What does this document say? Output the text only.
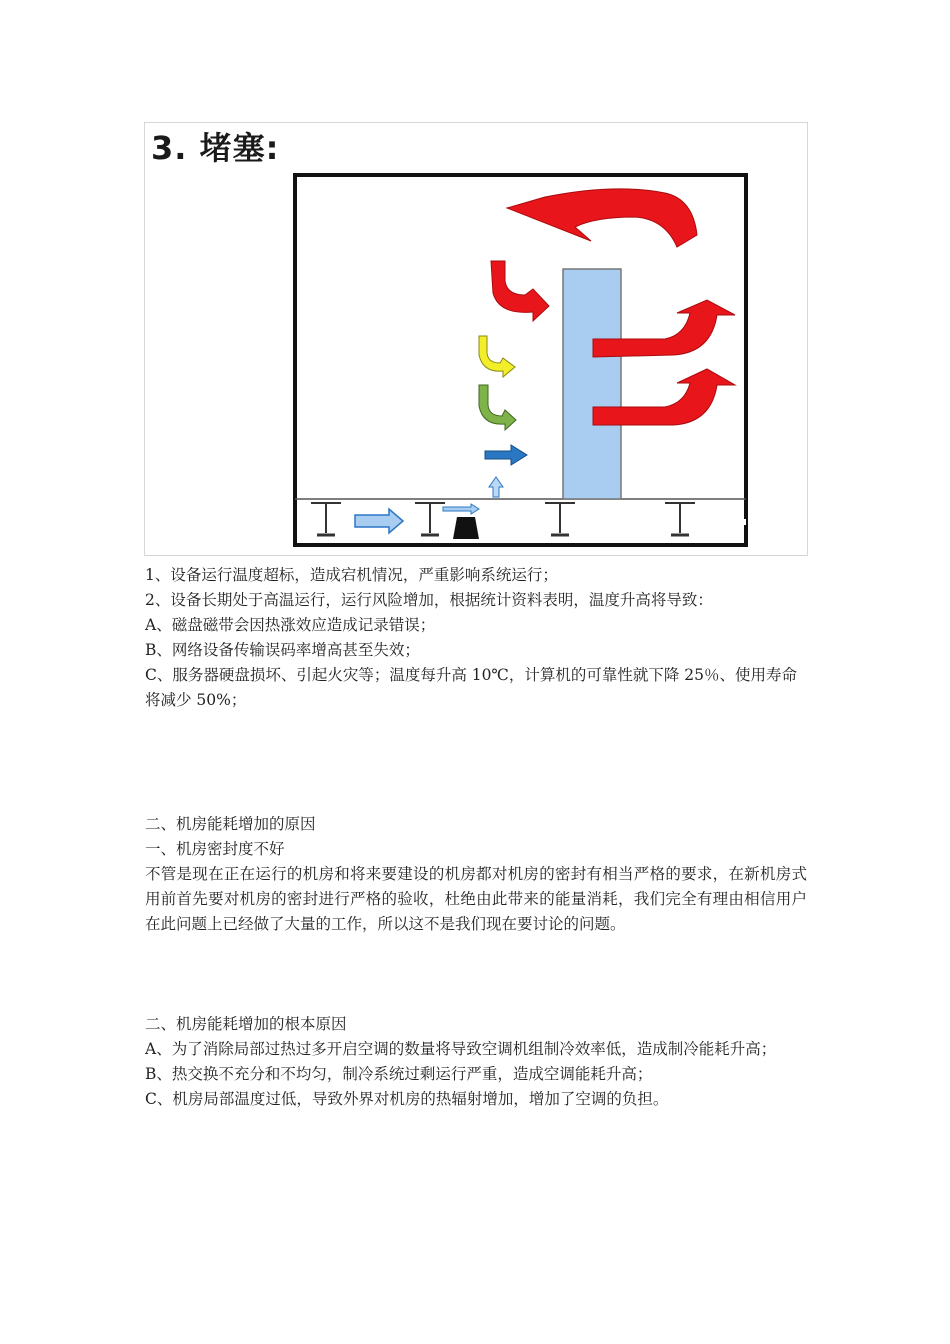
3. 堵塞:

1、设备运行温度超标，造成宕机情况，严重影响系统运行；

2、设备长期处于高温运行，运行风险增加，根据统计资料表明，温度升高将导致：

A、磁盘磁带会因热涨效应造成记录错误；

B、网络设备传输误码率增高甚至失效；

C、服务器硬盘损坏、引起火灾等；温度每升高 10℃，计算机的可靠性就下降 25％、使用寿命将减少 50%；

二、机房能耗增加的原因

一、机房密封度不好

不管是现在正在运行的机房和将来要建设的机房都对机房的密封有相当严格的要求，在新机房式用前首先要对机房的密封进行严格的验收，杜绝由此带来的能量消耗，我们完全有理由相信用户在此问题上已经做了大量的工作，所以这不是我们现在要讨论的问题。

二、机房能耗增加的根本原因

A、为了消除局部过热过多开启空调的数量将导致空调机组制冷效率低，造成制冷能耗升高；

B、热交换不充分和不均匀，制冷系统过剩运行严重，造成空调能耗升高；

C、机房局部温度过低，导致外界对机房的热辐射增加，增加了空调的负担。
